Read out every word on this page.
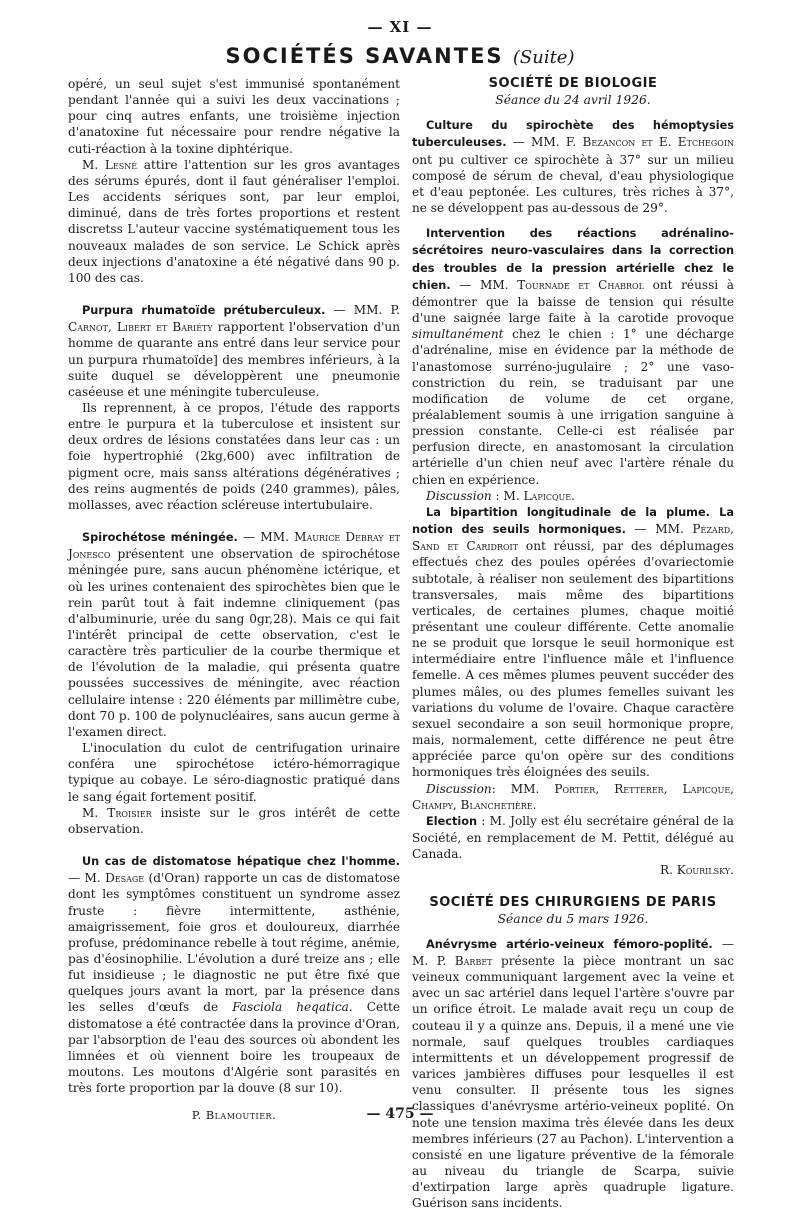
— XI —
SOCIÉTÉS SAVANTES (Suite)

opéré, un seul sujet s'est immunisé spontanément pendant l'année qui a suivi les deux vaccinations ; pour cinq autres enfants, une troisième injection d'anatoxine fut nécessaire pour rendre négative la cuti-réaction à la toxine diphtérique.

M. Lesné attire l'attention sur les gros avantages des sérums épurés, dont il faut généraliser l'emploi. Les accidents sériques sont, par leur emploi, diminué, dans de très fortes proportions et restent discretss L'auteur vaccine systématiquement tous les nouveaux malades de son service. Le Schick après deux injections d'anatoxine a été négativé dans 90 p. 100 des cas.

Purpura rhumatoïde prétuberculeux. — MM. P. Carnot, Libert et Bariéty rapportent l'observation d'un homme de quarante ans entré dans leur service pour un purpura rhumatoïde] des membres inférieurs, à la suite duquel se développèrent une pneumonie caséeuse et une méningite tuberculeuse.

Ils reprennent, à ce propos, l'étude des rapports entre le purpura et la tuberculose et insistent sur deux ordres de lésions constatées dans leur cas : un foie hypertrophié (2kg,600) avec infiltration de pigment ocre, mais sanss altérations dégénératives ; des reins augmentés de poids (240 grammes), pâles, mollasses, avec réaction scléreuse intertubulaire.

Spirochétose méningée. — MM. Maurice Debray et Jonesco présentent une observation de spirochétose méningée pure, sans aucun phénomène ictérique, et où les urines contenaient des spirochètes bien que le rein parût tout à fait indemne cliniquement (pas d'albuminurie, urée du sang 0gr,28). Mais ce qui fait l'intérêt principal de cette observation, c'est le caractère très particulier de la courbe thermique et de l'évolution de la maladie, qui présenta quatre poussées successives de méningite, avec réaction cellulaire intense : 220 éléments par millimètre cube, dont 70 p. 100 de polynucléaires, sans aucun germe à l'examen direct.

L'inoculation du culot de centrifugation urinaire conféra une spirochétose ictéro-hémorragique typique au cobaye. Le séro-diagnostic pratiqué dans le sang égait fortement positif.

M. Troisier insiste sur le gros intérêt de cette observation.

Un cas de distomatose hépatique chez l'homme. — M. Desage (d'Oran) rapporte un cas de distomatose dont les symptômes constituent un syndrome assez fruste : fièvre intermittente, asthénie, amaigrissement, foie gros et douloureux, diarrhée profuse, prédominance rebelle à tout régime, anémie, pas d'éosinophilie. L'évolution a duré treize ans ; elle fut insidieuse ; le diagnostic ne put être fixé que quelques jours avant la mort, par la présence dans les selles d'œufs de Fasciola heqatica. Cette distomatose a été contractée dans la province d'Oran, par l'absorption de l'eau des sources où abondent les limnées et où viennent boire les troupeaux de moutons. Les moutons d'Algérie sont parasités en très forte proportion par la douve (8 sur 10).

P. Blamoutier.
SOCIÉTÉ DE BIOLOGIE
Séance du 24 avril 1926.

Culture du spirochète des hémoptysies tuberculeuses. — MM. F. Bezancon et E. Etchegoin ont pu cultiver ce spirochète à 37° sur un milieu composé de sérum de cheval, d'eau physiologique et d'eau peptonée. Les cultures, très riches à 37°, ne se développent pas au-dessous de 29°.

Intervention des réactions adrénalino-sécrétoires neuro-vasculaires dans la correction des troubles de la pression artérielle chez le chien. — MM. Tournade et Chabrol ont réussi à démontrer que la baisse de tension qui résulte d'une saignée large faite à la carotide provoque simultanément chez le chien : 1° une décharge d'adrénaline, mise en évidence par la méthode de l'anastomose surréno-jugulaire ; 2° une vaso-constriction du rein, se traduisant par une modification de volume de cet organe, préalablement soumis à une irrigation sanguine à pression constante. Celle-ci est réalisée par perfusion directe, en anastomosant la circulation artérielle d'un chien neuf avec l'artère rénale du chien en expérience.

Discussion : M. Lapicque.

La bipartition longitudinale de la plume. La notion des seuils hormoniques. — MM. Pézard, Sand et Caridroit ont réussi, par des déplumages effectués chez des poules opérées d'ovariectomie subtotale, à réaliser non seulement des bipartitions transversales, mais même des bipartitions verticales, de certaines plumes, chaque moitié présentant une couleur différente. Cette anomalie ne se produit que lorsque le seuil hormonique est intermédiaire entre l'influence mâle et l'influence femelle. A ces mêmes plumes peuvent succéder des plumes mâles, ou des plumes femelles suivant les variations du volume de l'ovaire. Chaque caractère sexuel secondaire a son seuil hormonique propre, mais, normalement, cette différence ne peut être appréciée parce qu'on opère sur des conditions hormoniques très éloignées des seuils.

Discussion: MM. Portier, Retterer, Lapicque, Champy, Blanchetière.

Election : M. Jolly est élu secrétaire général de la Société, en remplacement de M. Pettit, délégué au Canada.

R. Kourilsky.

SOCIÉTÉ DES CHIRURGIENS DE PARIS
Séance du 5 mars 1926.

Anévrysme artério-veineux fémoro-poplité. — M. P. Barbet présente la pièce montrant un sac veineux communiquant largement avec la veine et avec un sac artériel dans lequel l'artère s'ouvre par un orifice étroit. Le malade avait reçu un coup de couteau il y a quinze ans. Depuis, il a mené une vie normale, sauf quelques troubles cardiaques intermittents et un développement progressif de varices jambières diffuses pour lesquelles il est venu consulter. Il présente tous les signes classiques d'anévrysme artério-veineux poplité. On note une tension maxima très élevée dans les deux membres inférieurs (27 au Pachon). L'intervention a consisté en une ligature préventive de la fémorale au niveau du triangle de Scarpa, suivie d'extirpation large après quadruple ligature. Guérison sans incidents.

— 475 —
